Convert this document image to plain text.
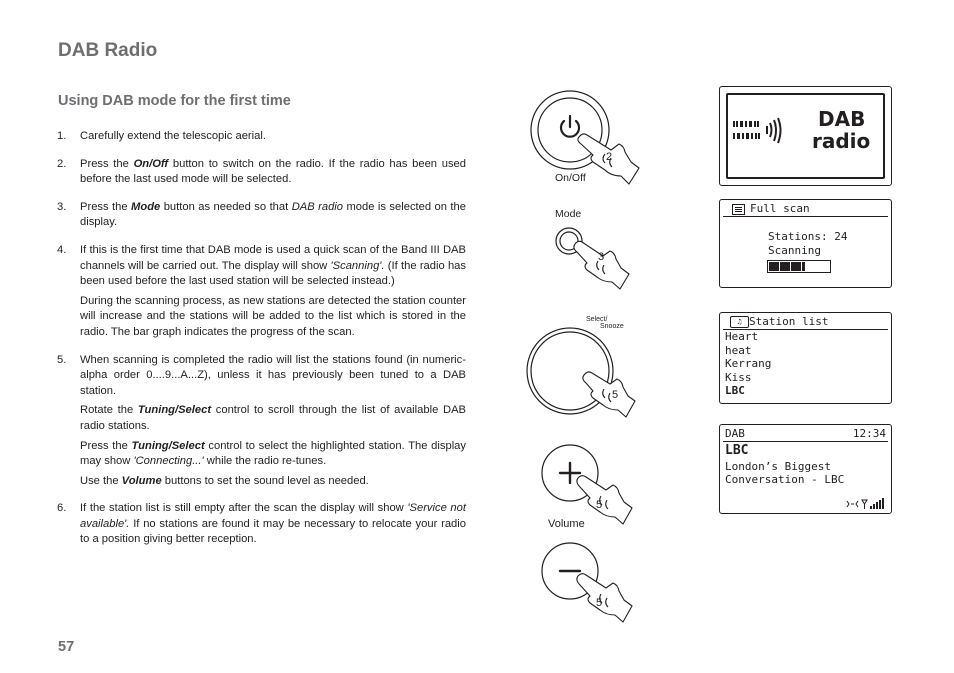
DAB Radio
Using DAB mode for the first time
1. Carefully extend the telescopic aerial.

2. Press the On/Off button to switch on the radio. If the radio has been used before the last used mode will be selected.

3. Press the Mode button as needed so that DAB radio mode is selected on the display.

4. If this is the first time that DAB mode is used a quick scan of the Band III DAB channels will be carried out. The display will show 'Scanning'. (If the radio has been used before the last used station will be selected instead.)

During the scanning process, as new stations are detected the station counter will increase and the stations will be added to the list which is stored in the radio. The bar graph indicates the progress of the scan.

5. When scanning is completed the radio will list the stations found (in numeric-alpha order 0....9...A...Z), unless it has previously been tuned to a DAB station.

Rotate the Tuning/Select control to scroll through the list of available DAB radio stations.

Press the Tuning/Select control to select the highlighted station. The display may show 'Connecting...' while the radio re-tunes.

Use the Volume buttons to set the sound level as needed.

6. If the station list is still empty after the scan the display will show 'Service not available'. If no stations are found it may be necessary to relocate your radio to a position giving better reception.

57
2
On/Off
Mode
3
Select/
Snooze
5
5
Volume
5
DAB
radio
Full scan
Stations: 24
Scanning
♫ Station list
Heart
heat
Kerrang
Kiss
LBC
DAB	12:34
LBC
London’s Biggest
Conversation - LBC
